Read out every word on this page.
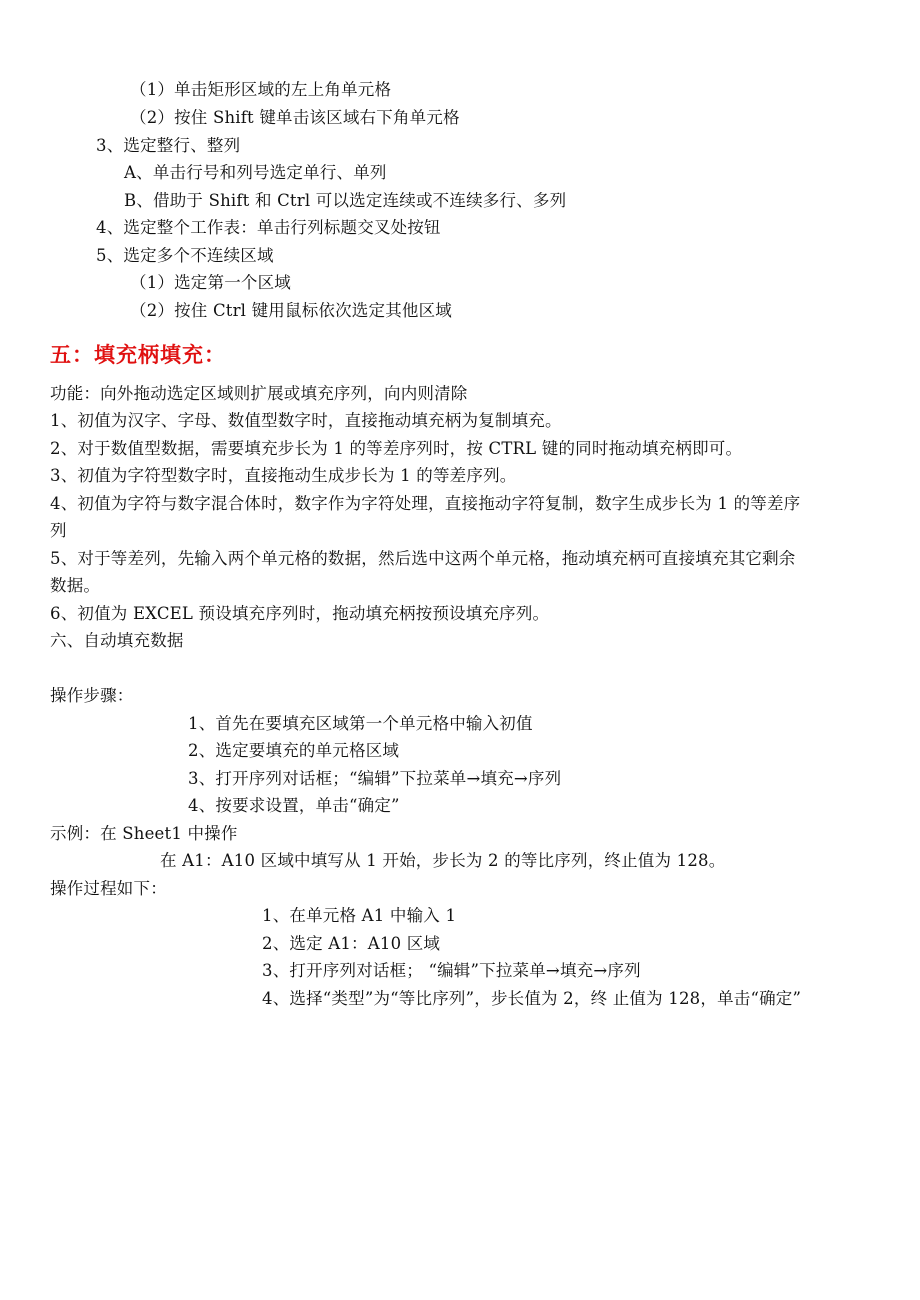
（1）单击矩形区域的左上角单元格
（2）按住 Shift 键单击该区域右下角单元格
3、选定整行、整列
A、单击行号和列号选定单行、单列
B、借助于 Shift 和 Ctrl 可以选定连续或不连续多行、多列
4、选定整个工作表：单击行列标题交叉处按钮
5、选定多个不连续区域
（1）选定第一个区域
（2）按住 Ctrl 键用鼠标依次选定其他区域
五：填充柄填充：
功能：向外拖动选定区域则扩展或填充序列，向内则清除
1、初值为汉字、字母、数值型数字时，直接拖动填充柄为复制填充。
2、对于数值型数据，需要填充步长为 1 的等差序列时，按 CTRL 键的同时拖动填充柄即可。
3、初值为字符型数字时，直接拖动生成步长为 1 的等差序列。
4、初值为字符与数字混合体时，数字作为字符处理，直接拖动字符复制，数字生成步长为 1 的等差序
列
5、对于等差列，先输入两个单元格的数据，然后选中这两个单元格，拖动填充柄可直接填充其它剩余
数据。
6、初值为 EXCEL 预设填充序列时，拖动填充柄按预设填充序列。
六、自动填充数据
操作步骤：
1、首先在要填充区域第一个单元格中输入初值
2、选定要填充的单元格区域
3、打开序列对话框；“编辑”下拉菜单→填充→序列
4、按要求设置，单击“确定”
示例：在 Sheet1 中操作
在 A1：A10 区域中填写从 1 开始，步长为 2 的等比序列，终止值为 128。
操作过程如下：
1、在单元格 A1 中输入 1
2、选定 A1：A10 区域
3、打开序列对话框； “编辑”下拉菜单→填充→序列
4、选择“类型”为“等比序列”，步长值为 2，终 止值为 128，单击“确定”
